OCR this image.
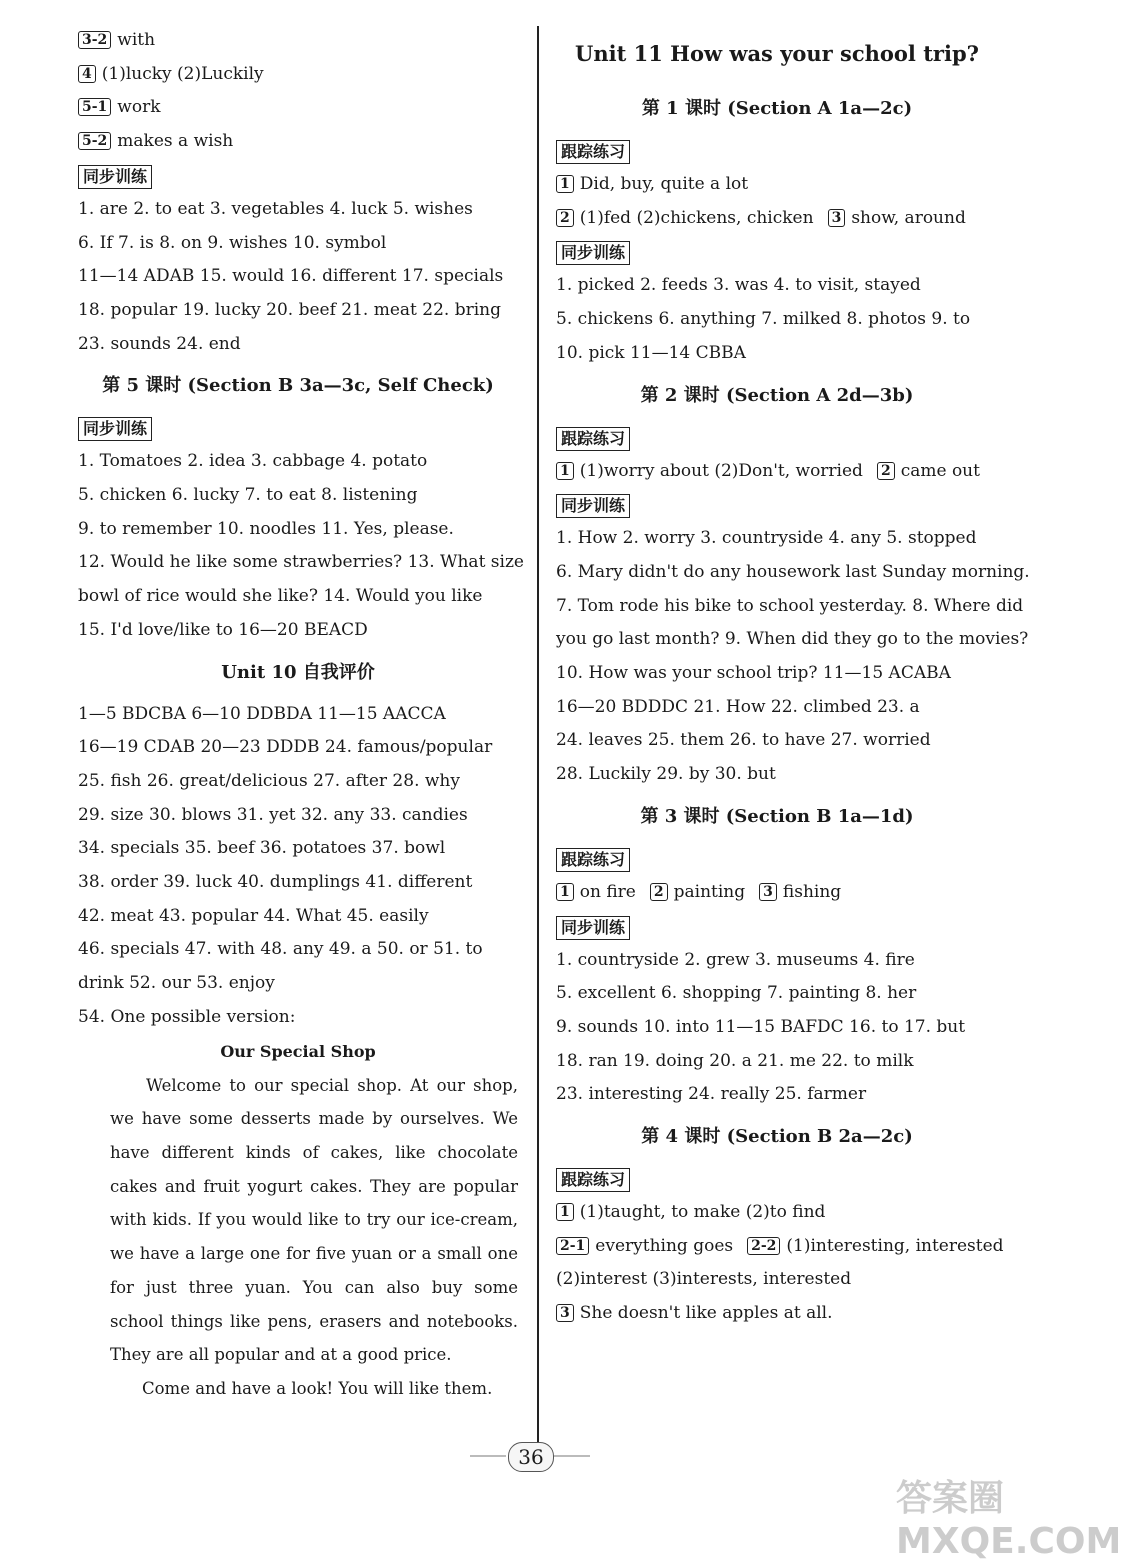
3-2 with
4 (1)lucky (2)Luckily
5-1 work
5-2 makes a wish
同步训练
1. are 2. to eat 3. vegetables 4. luck 5. wishes
6. If 7. is 8. on 9. wishes 10. symbol
11—14 ADAB 15. would 16. different 17. specials
18. popular 19. lucky 20. beef 21. meat 22. bring
23. sounds 24. end
第 5 课时 (Section B 3a—3c, Self Check)
同步训练
1. Tomatoes 2. idea 3. cabbage 4. potato
5. chicken 6. lucky 7. to eat 8. listening
9. to remember 10. noodles 11. Yes, please.
12. Would he like some strawberries? 13. What size
bowl of rice would she like? 14. Would you like
15. I'd love/like to 16—20 BEACD
Unit 10 自我评价
1—5 BDCBA 6—10 DDBDA 11—15 AACCA
16—19 CDAB 20—23 DDDB 24. famous/popular
25. fish 26. great/delicious 27. after 28. why
29. size 30. blows 31. yet 32. any 33. candies
34. specials 35. beef 36. potatoes 37. bowl
38. order 39. luck 40. dumplings 41. different
42. meat 43. popular 44. What 45. easily
46. specials 47. with 48. any 49. a 50. or 51. to
drink 52. our 53. enjoy
54. One possible version:
Our Special Shop
Welcome to our special shop. At our shop, we have some desserts made by ourselves. We have different kinds of cakes, like chocolate cakes and fruit yogurt cakes. They are popular with kids. If you would like to try our ice-cream, we have a large one for five yuan or a small one for just three yuan. You can also buy some school things like pens, erasers and notebooks. They are all popular and at a good price.
Come and have a look! You will like them.
Unit 11 How was your school trip?
第 1 课时 (Section A 1a—2c)
跟踪练习
1 Did, buy, quite a lot
2 (1)fed (2)chickens, chicken 3 show, around
同步训练
1. picked 2. feeds 3. was 4. to visit, stayed
5. chickens 6. anything 7. milked 8. photos 9. to
10. pick 11—14 CBBA
第 2 课时 (Section A 2d—3b)
跟踪练习
1 (1)worry about (2)Don't, worried 2 came out
同步训练
1. How 2. worry 3. countryside 4. any 5. stopped
6. Mary didn't do any housework last Sunday morning.
7. Tom rode his bike to school yesterday. 8. Where did
you go last month? 9. When did they go to the movies?
10. How was your school trip? 11—15 ACABA
16—20 BDDDC 21. How 22. climbed 23. a
24. leaves 25. them 26. to have 27. worried
28. Luckily 29. by 30. but
第 3 课时 (Section B 1a—1d)
跟踪练习
1 on fire 2 painting 3 fishing
同步训练
1. countryside 2. grew 3. museums 4. fire
5. excellent 6. shopping 7. painting 8. her
9. sounds 10. into 11—15 BAFDC 16. to 17. but
18. ran 19. doing 20. a 21. me 22. to milk
23. interesting 24. really 25. farmer
第 4 课时 (Section B 2a—2c)
跟踪练习
1 (1)taught, to make (2)to find
2-1 everything goes 2-2 (1)interesting, interested
(2)interest (3)interests, interested
3 She doesn't like apples at all.
36
答案圈 MXQE.COM
